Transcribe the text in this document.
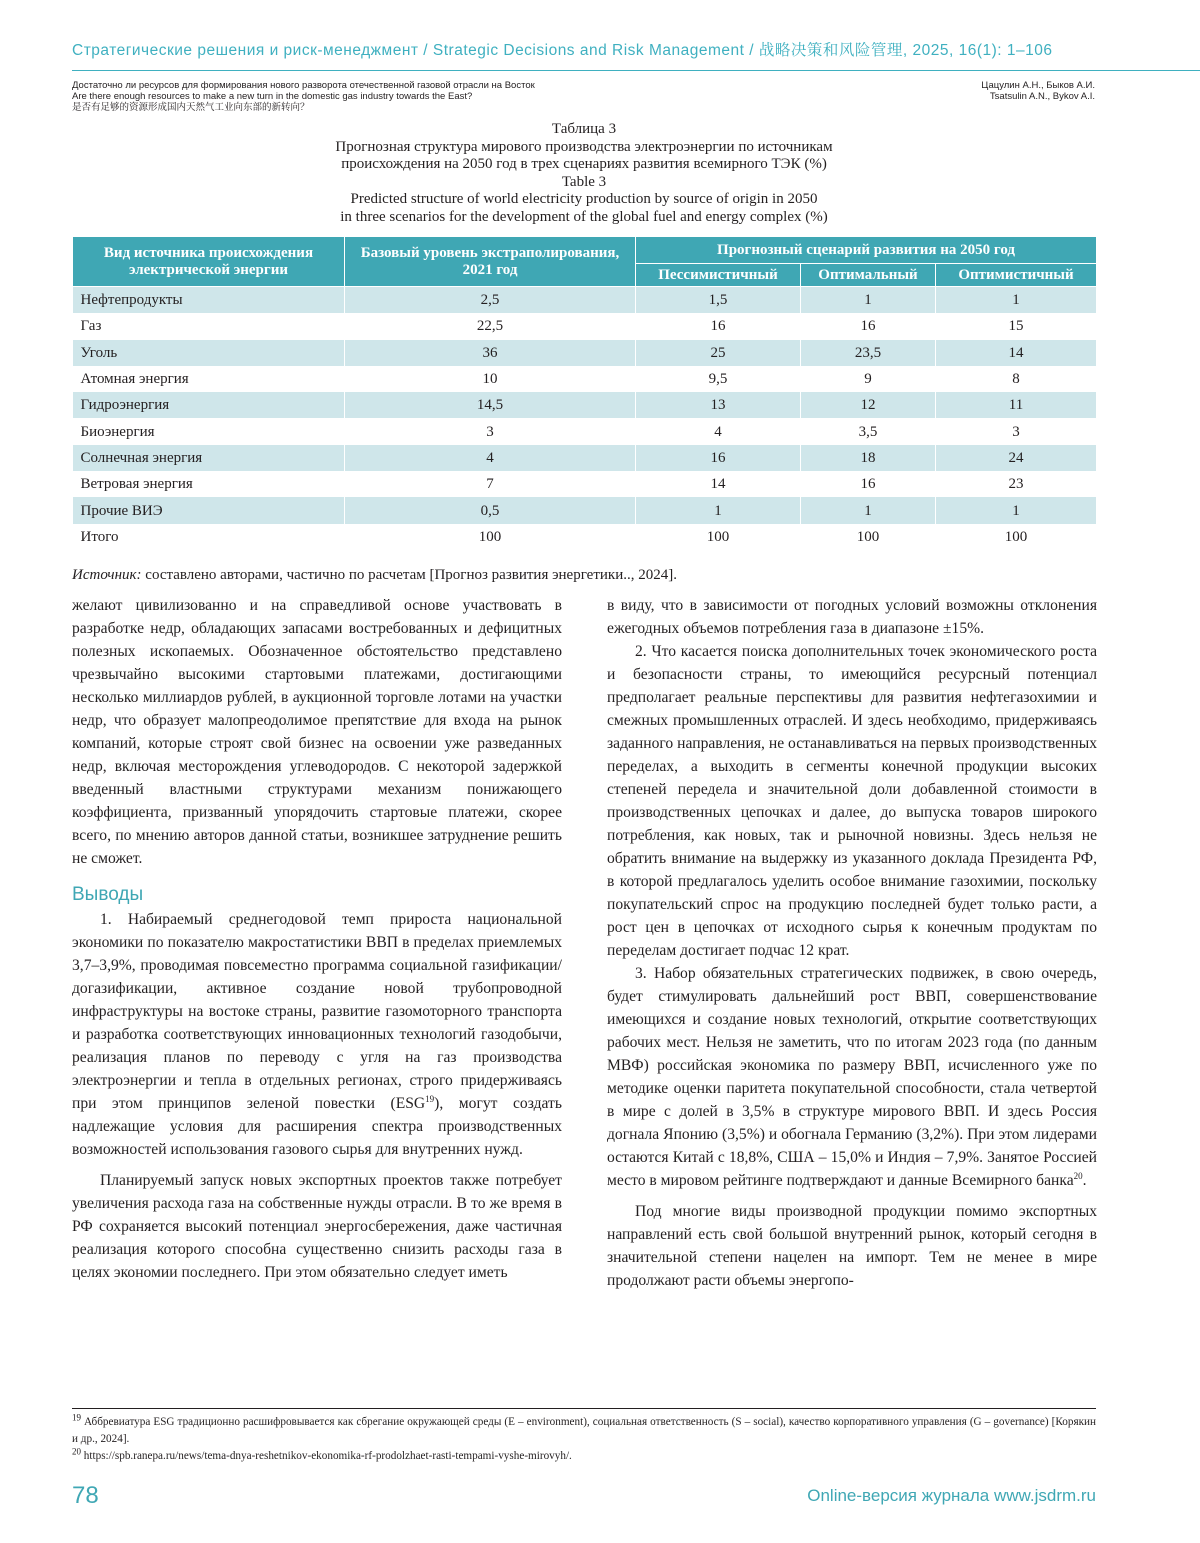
Стратегические решения и риск-менеджмент / Strategic Decisions and Risk Management / 战略决策和风险管理, 2025, 16(1): 1–106
Достаточно ли ресурсов для формирования нового разворота отечественной газовой отрасли на Восток
Are there enough resources to make a new turn in the domestic gas industry towards the East?
是否有足够的资源形成国内天然气工业向东部的新转向？
Цацулин А.Н., Быков А.И.
Tsatsulin A.N., Bykov A.I.
Таблица 3
Прогнозная структура мирового производства электроэнергии по источникам
происхождения на 2050 год в трех сценариях развития всемирного ТЭК (%)
Table 3
Predicted structure of world electricity production by source of origin in 2050
in three scenarios for the development of the global fuel and energy complex (%)
Вид источника происхождения электрической энергии	Базовый уровень экстраполирования, 2021 год	Прогнозный сценарий развития на 2050 год		
		Пессимистичный	Оптимальный	Оптимистичный
Нефтепродукты	2,5	1,5	1	1
Газ	22,5	16	16	15
Уголь	36	25	23,5	14
Атомная энергия	10	9,5	9	8
Гидроэнергия	14,5	13	12	11
Биоэнергия	3	4	3,5	3
Солнечная энергия	4	16	18	24
Ветровая энергия	7	14	16	23
Прочие ВИЭ	0,5	1	1	1
Итого	100	100	100	100
Источник: составлено авторами, частично по расчетам [Прогноз развития энергетики.., 2024].

желают цивилизованно и на справедливой основе участвовать в разработке недр, обладающих запасами востребованных и дефицитных полезных ископаемых. Обозначенное обстоятельство представлено чрезвычайно высокими стартовыми платежами, достигающими несколько миллиардов рублей, в аукционной торговле лотами на участки недр, что образует малопреодолимое препятствие для входа на рынок компаний, которые строят свой бизнес на освоении уже разведанных недр, включая месторождения углеводородов. С некоторой задержкой введенный властными структурами механизм понижающего коэффициента, призванный упорядочить стартовые платежи, скорее всего, по мнению авторов данной статьи, возникшее затруднение решить не сможет.

Выводы

1. Набираемый среднегодовой темп прироста национальной экономики по показателю макростатистики ВВП в пределах приемлемых 3,7–3,9%, проводимая повсеместно программа социальной газификации/догазификации, активное создание новой трубопроводной инфраструктуры на востоке страны, развитие газомоторного транспорта и разработка соответствующих инновационных технологий газодобычи, реализация планов по переводу с угля на газ производства электроэнергии и тепла в отдельных регионах, строго придерживаясь при этом принципов зеленой повестки (ESG$^{19}$), могут создать надлежащие условия для расширения спектра производственных возможностей использования газового сырья для внутренних нужд.

Планируемый запуск новых экспортных проектов также потребует увеличения расхода газа на собственные нужды отрасли. В то же время в РФ сохраняется высокий потенциал энергосбережения, даже частичная реализация которого способна существенно снизить расходы газа в целях экономии последнего. При этом обязательно следует иметь

в виду, что в зависимости от погодных условий возможны отклонения ежегодных объемов потребления газа в диапазоне ±15%.

2. Что касается поиска дополнительных точек экономического роста и безопасности страны, то имеющийся ресурсный потенциал предполагает реальные перспективы для развития нефтегазохимии и смежных промышленных отраслей. И здесь необходимо, придерживаясь заданного направления, не останавливаться на первых производственных переделах, а выходить в сегменты конечной продукции высоких степеней передела и значительной доли добавленной стоимости в производственных цепочках и далее, до выпуска товаров широкого потребления, как новых, так и рыночной новизны. Здесь нельзя не обратить внимание на выдержку из указанного доклада Президента РФ, в которой предлагалось уделить особое внимание газохимии, поскольку покупательский спрос на продукцию последней будет только расти, а рост цен в цепочках от исходного сырья к конечным продуктам по переделам достигает подчас 12 крат.

3. Набор обязательных стратегических подвижек, в свою очередь, будет стимулировать дальнейший рост ВВП, совершенствование имеющихся и создание новых технологий, открытие соответствующих рабочих мест. Нельзя не заметить, что по итогам 2023 года (по данным МВФ) российская экономика по размеру ВВП, исчисленного уже по методике оценки паритета покупательной способности, стала четвертой в мире с долей в 3,5% в структуре мирового ВВП. И здесь Россия догнала Японию (3,5%) и обогнала Германию (3,2%). При этом лидерами остаются Китай с 18,8%, США – 15,0% и Индия – 7,9%. Занятое Россией место в мировом рейтинге подтверждают и данные Всемирного банка$^{20}$.

Под многие виды производной продукции помимо экспортных направлений есть свой большой внутренний рынок, который сегодня в значительной степени нацелен на импорт. Тем не менее в мире продолжают расти объемы энергопо-

$^{19}$ Аббревиатура ESG традиционно расшифровывается как сбрегание окружающей среды (E – environment), социальная ответственность (S – social), качество корпоративного управления (G – governance) [Корякин и др., 2024].

$^{20}$ https://spb.ranepa.ru/news/tema-dnya-reshetnikov-ekonomika-rf-prodolzhaet-rasti-tempami-vyshe-mirovyh/.

78	Online-версия журнала www.jsdrm.ru
